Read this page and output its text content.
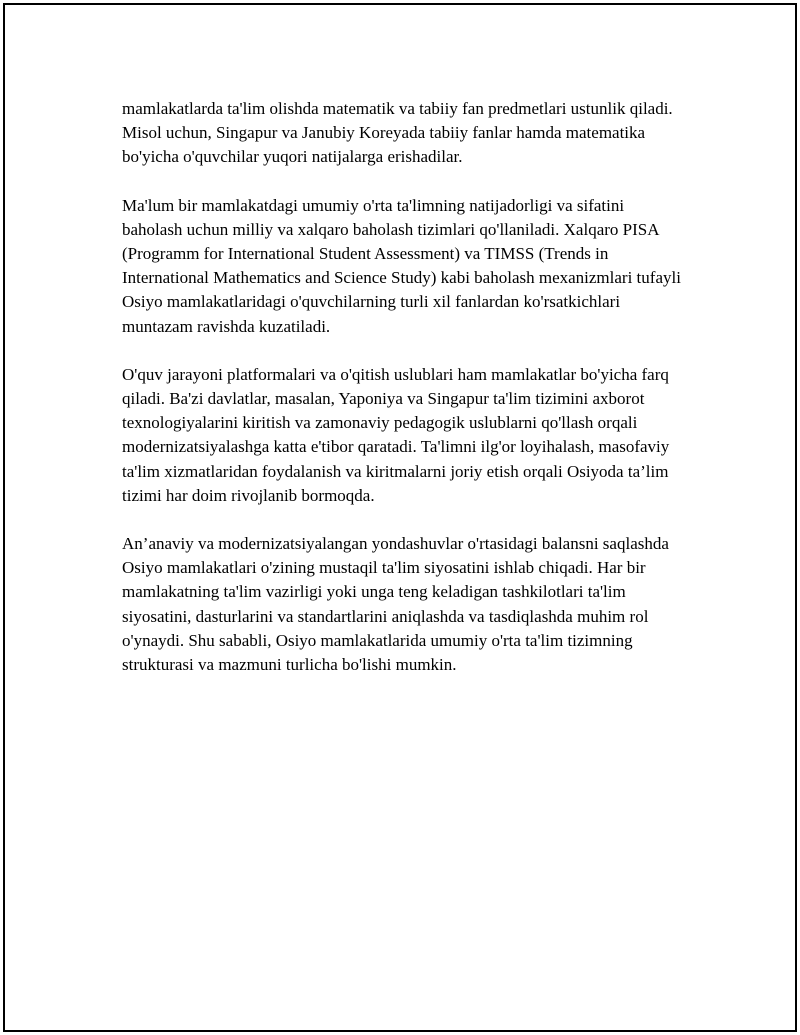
mamlakatlarda ta'lim olishda matematik va tabiiy fan predmetlari ustunlik qiladi. Misol uchun, Singapur va Janubiy Koreyada tabiiy fanlar hamda matematika bo'yicha o'quvchilar yuqori natijalarga erishadilar.

Ma'lum bir mamlakatdagi umumiy o'rta ta'limning natijadorligi va sifatini baholash uchun milliy va xalqaro baholash tizimlari qo'llaniladi. Xalqaro PISA (Programm for International Student Assessment) va TIMSS (Trends in International Mathematics and Science Study) kabi baholash mexanizmlari tufayli Osiyo mamlakatlaridagi o'quvchilarning turli xil fanlardan ko'rsatkichlari muntazam ravishda kuzatiladi.

O'quv jarayoni platformalari va o'qitish uslublari ham mamlakatlar bo'yicha farq qiladi. Ba'zi davlatlar, masalan, Yaponiya va Singapur ta'lim tizimini axborot texnologiyalarini kiritish va zamonaviy pedagogik uslublarni qo'llash orqali modernizatsiyalashga katta e'tibor qaratadi. Ta'limni ilg'or loyihalash, masofaviy ta'lim xizmatlaridan foydalanish va kiritmalarni joriy etish orqali Osiyoda ta’lim tizimi har doim rivojlanib bormoqda.

An’anaviy va modernizatsiyalangan yondashuvlar o'rtasidagi balansni saqlashda Osiyo mamlakatlari o'zining mustaqil ta'lim siyosatini ishlab chiqadi. Har bir mamlakatning ta'lim vazirligi yoki unga teng keladigan tashkilotlari ta'lim siyosatini, dasturlarini va standartlarini aniqlashda va tasdiqlashda muhim rol o'ynaydi. Shu sababli, Osiyo mamlakatlarida umumiy o'rta ta'lim tizimning strukturasi va mazmuni turlicha bo'lishi mumkin.
